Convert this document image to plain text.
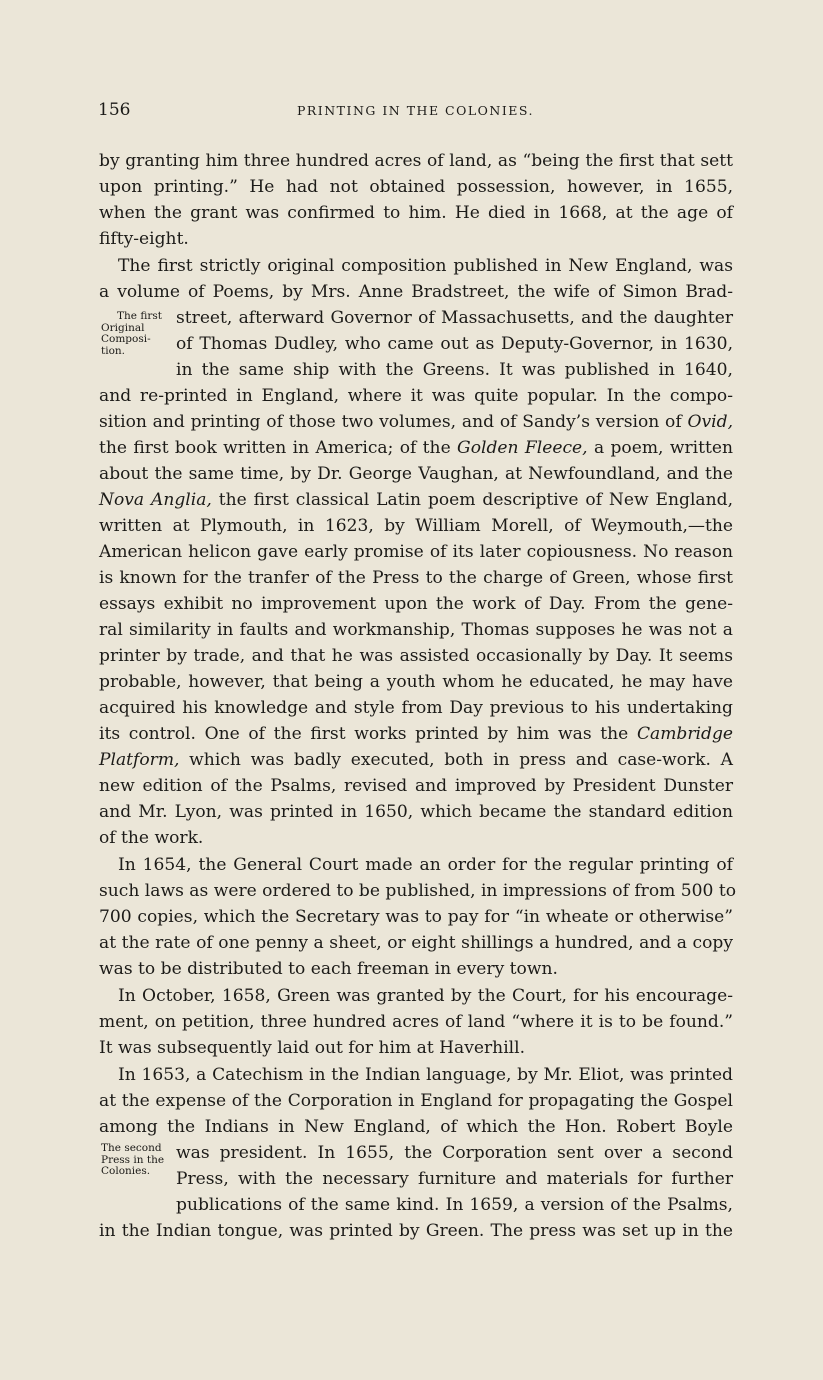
156	PRINTING IN THE COLONIES.
by granting him three hundred acres of land, as “being the first that sett
upon printing.” He had not obtained possession, however, in 1655,
when the grant was confirmed to him. He died in 1668, at the age of
fifty-eight.
The first strictly original composition published in New England, was
a volume of Poems, by Mrs. Anne Bradstreet, the wife of Simon Brad-
street, afterward Governor of Massachusetts, and the daughter
of Thomas Dudley, who came out as Deputy-Governor, in 1630,
in the same ship with the Greens. It was published in 1640,
and re-printed in England, where it was quite popular. In the compo-
sition and printing of those two volumes, and of Sandy’s version of Ovid,
the first book written in America; of the Golden Fleece, a poem, written
about the same time, by Dr. George Vaughan, at Newfoundland, and the
Nova Anglia, the first classical Latin poem descriptive of New England,
written at Plymouth, in 1623, by William Morell, of Weymouth,—the
American helicon gave early promise of its later copiousness. No reason
is known for the tranfer of the Press to the charge of Green, whose first
essays exhibit no improvement upon the work of Day. From the gene-
ral similarity in faults and workmanship, Thomas supposes he was not a
printer by trade, and that he was assisted occasionally by Day. It seems
probable, however, that being a youth whom he educated, he may have
acquired his knowledge and style from Day previous to his undertaking
its control. One of the first works printed by him was the Cambridge
Platform, which was badly executed, both in press and case-work. A
new edition of the Psalms, revised and improved by President Dunster
and Mr. Lyon, was printed in 1650, which became the standard edition
of the work.
In 1654, the General Court made an order for the regular printing of
such laws as were ordered to be published, in impressions of from 500 to
700 copies, which the Secretary was to pay for “in wheate or otherwise”
at the rate of one penny a sheet, or eight shillings a hundred, and a copy
was to be distributed to each freeman in every town.
In October, 1658, Green was granted by the Court, for his encourage-
ment, on petition, three hundred acres of land “where it is to be found.”
It was subsequently laid out for him at Haverhill.
In 1653, a Catechism in the Indian language, by Mr. Eliot, was printed
at the expense of the Corporation in England for propagating the Gospel
among the Indians in New England, of which the Hon. Robert Boyle
was president. In 1655, the Corporation sent over a second
Press, with the necessary furniture and materials for further
publications of the same kind. In 1659, a version of the Psalms,
in the Indian tongue, was printed by Green. The press was set up in the
The first
Original
Composi-
tion.
The second
Press in the
Colonies.
